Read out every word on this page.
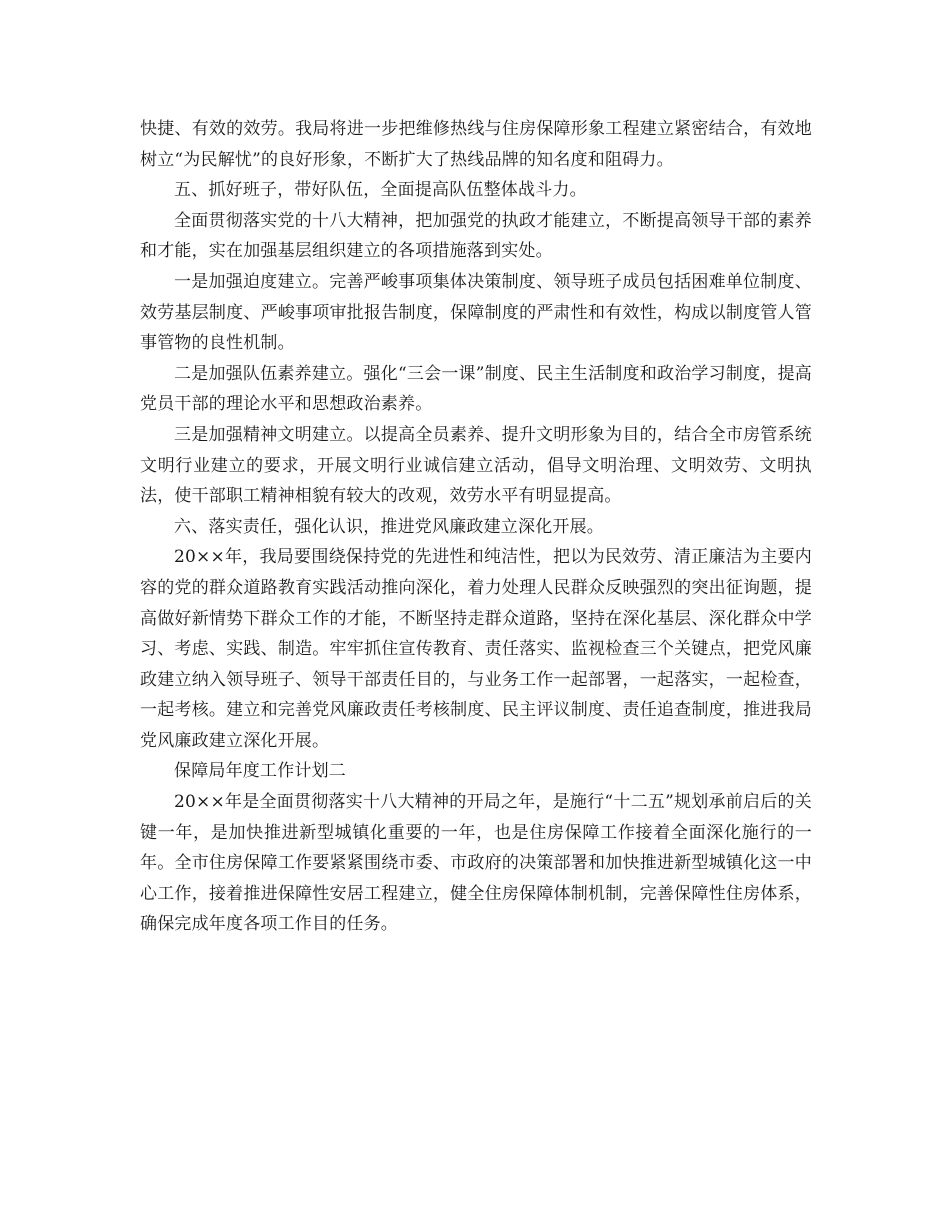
快捷、有效的效劳。我局将进一步把维修热线与住房保障形象工程建立紧密结合，有效地树立“为民解忧”的良好形象，不断扩大了热线品牌的知名度和阻碍力。

五、抓好班子，带好队伍，全面提高队伍整体战斗力。

全面贯彻落实党的十八大精神，把加强党的执政才能建立，不断提高领导干部的素养和才能，实在加强基层组织建立的各项措施落到实处。

一是加强迫度建立。完善严峻事项集体决策制度、领导班子成员包括困难单位制度、效劳基层制度、严峻事项审批报告制度，保障制度的严肃性和有效性，构成以制度管人管事管物的良性机制。

二是加强队伍素养建立。强化“三会一课”制度、民主生活制度和政治学习制度，提高党员干部的理论水平和思想政治素养。

三是加强精神文明建立。以提高全员素养、提升文明形象为目的，结合全市房管系统文明行业建立的要求，开展文明行业诚信建立活动，倡导文明治理、文明效劳、文明执法，使干部职工精神相貌有较大的改观，效劳水平有明显提高。

六、落实责任，强化认识，推进党风廉政建立深化开展。

20××年，我局要围绕保持党的先进性和纯洁性，把以为民效劳、清正廉洁为主要内容的党的群众道路教育实践活动推向深化，着力处理人民群众反映强烈的突出征询题，提高做好新情势下群众工作的才能，不断坚持走群众道路，坚持在深化基层、深化群众中学习、考虑、实践、制造。牢牢抓住宣传教育、责任落实、监视检查三个关键点，把党风廉政建立纳入领导班子、领导干部责任目的，与业务工作一起部署，一起落实，一起检查，一起考核。建立和完善党风廉政责任考核制度、民主评议制度、责任追查制度，推进我局党风廉政建立深化开展。

保障局年度工作计划二

20××年是全面贯彻落实十八大精神的开局之年，是施行“十二五”规划承前启后的关键一年，是加快推进新型城镇化重要的一年，也是住房保障工作接着全面深化施行的一年。全市住房保障工作要紧紧围绕市委、市政府的决策部署和加快推进新型城镇化这一中心工作，接着推进保障性安居工程建立，健全住房保障体制机制，完善保障性住房体系，确保完成年度各项工作目的任务。
